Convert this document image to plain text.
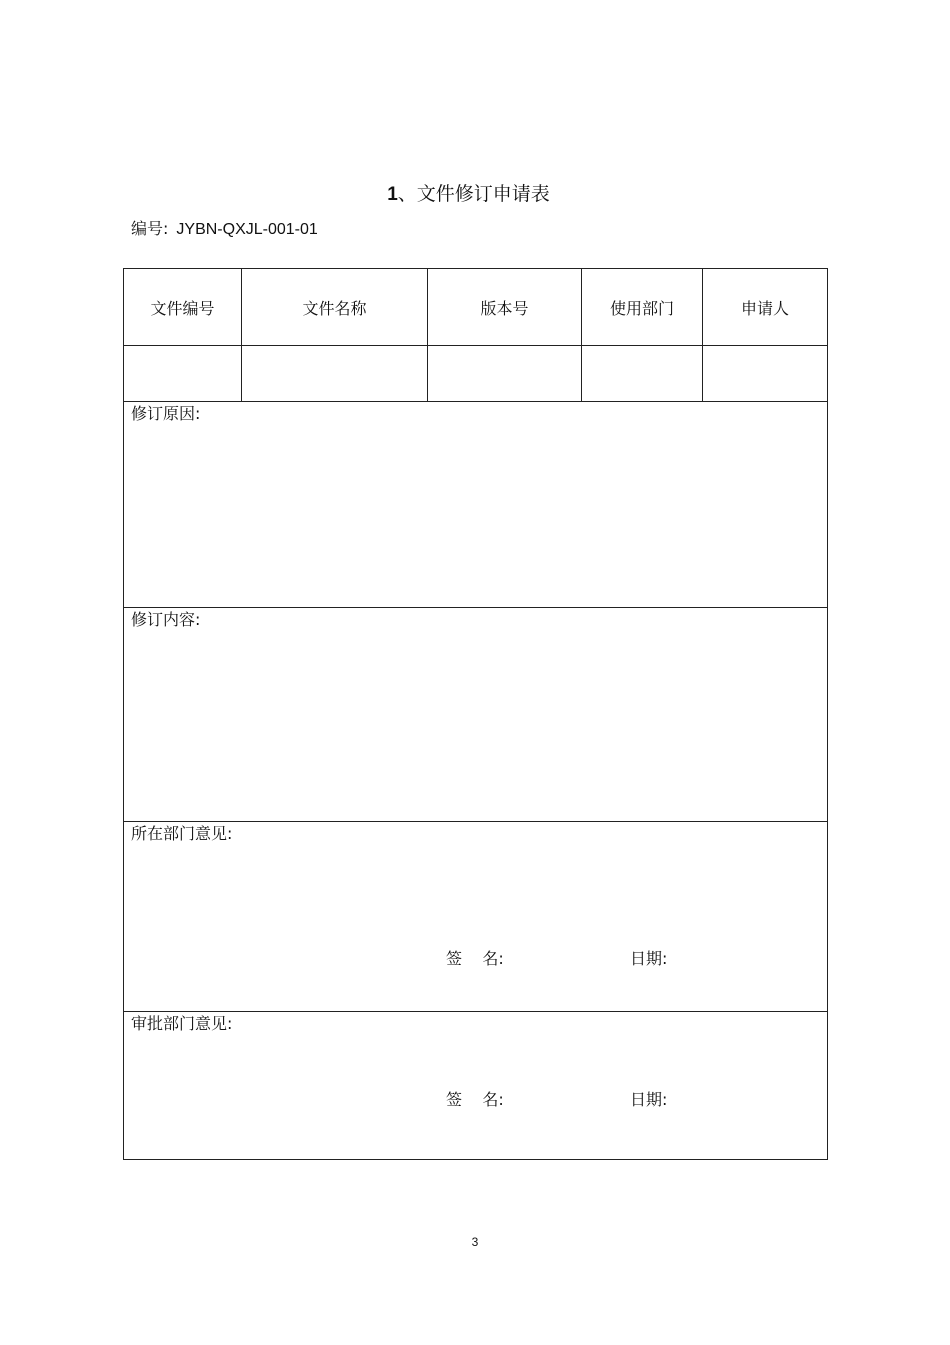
1、文件修订申请表
编号: JYBN-QXJL-001-01
文件编号	文件名称	版本号	使用部门	申请人
修订原因:
修订内容:
所在部门意见:
签    名:	日期:
审批部门意见:
签    名:	日期:
3
